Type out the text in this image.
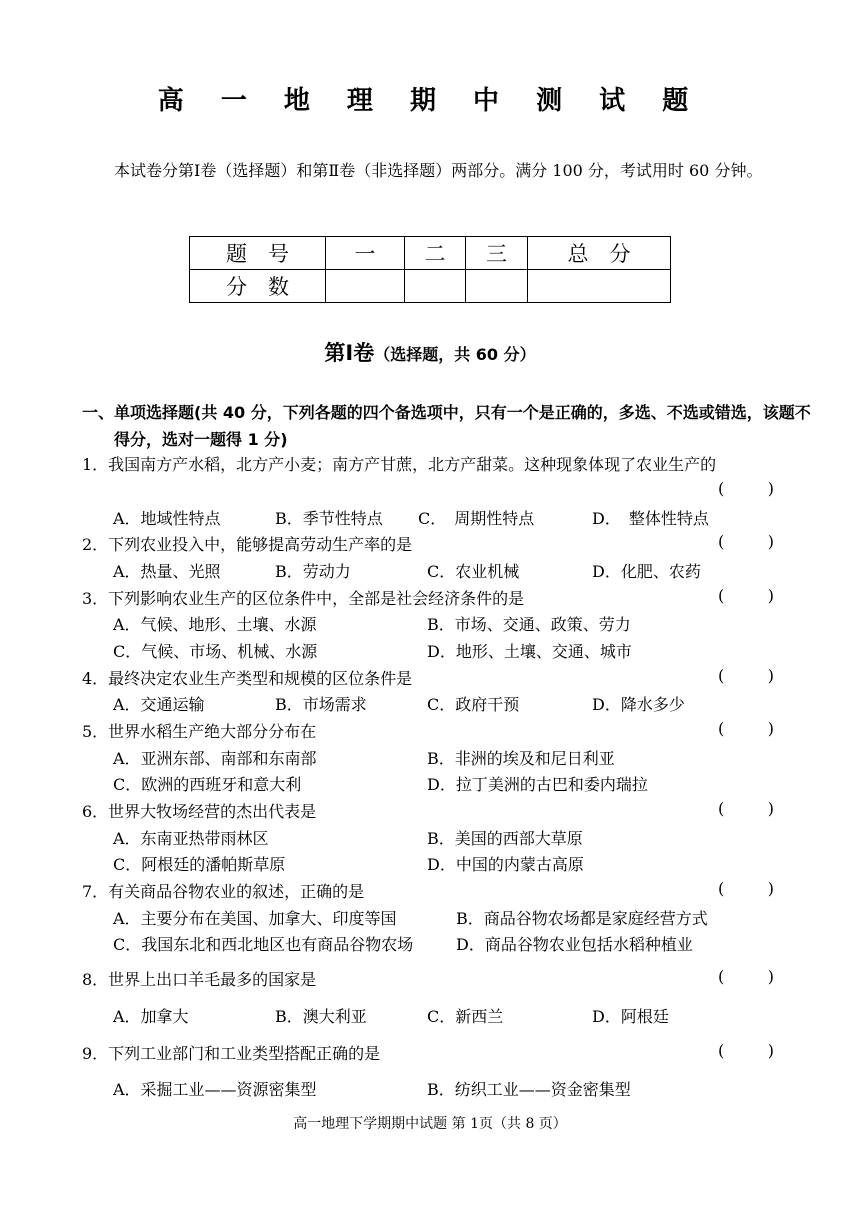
高 一 地 理 期 中 测 试 题
本试卷分第Ⅰ卷（选择题）和第Ⅱ卷（非选择题）两部分。满分 100 分，考试用时 60 分钟。
题　号	一	二	三	总　分
分　数				
第Ⅰ卷（选择题，共 60 分）
一、单项选择题(共 40 分，下列各题的四个备选项中，只有一个是正确的，多选、不选或错选，该题不得分，选对一题得 1 分)
1．我国南方产水稻，北方产小麦；南方产甘蔗，北方产甜菜。这种现象体现了农业生产的
(	)
A．地域性特点	B．季节性特点 C．　周期性特点	D．　整体性特点
2．下列农业投入中，能够提高劳动生产率的是	(	)
A．热量、光照	B．劳动力	C．农业机械	D．化肥、农药
3．下列影响农业生产的区位条件中，全部是社会经济条件的是	(	)
A．气候、地形、土壤、水源	B．市场、交通、政策、劳力
C．气候、市场、机械、水源	D．地形、土壤、交通、城市
4．最终决定农业生产类型和规模的区位条件是	(	)
A．交通运输	B．市场需求	C．政府干预	D．降水多少
5．世界水稻生产绝大部分分布在	(	)
A．亚洲东部、南部和东南部	B．非洲的埃及和尼日利亚
C．欧洲的西班牙和意大利	D．拉丁美洲的古巴和委内瑞拉
6．世界大牧场经营的杰出代表是	(	)
A．东南亚热带雨林区	B．美国的西部大草原
C．阿根廷的潘帕斯草原	D．中国的内蒙古高原
7．有关商品谷物农业的叙述，正确的是	(	)
A．主要分布在美国、加拿大、印度等国	B．商品谷物农场都是家庭经营方式
C．我国东北和西北地区也有商品谷物农场	D．商品谷物农业包括水稻种植业
8．世界上出口羊毛最多的国家是	(	)
A．加拿大	B．澳大利亚	C．新西兰	D．阿根廷
9．下列工业部门和工业类型搭配正确的是	(	)
A．采掘工业——资源密集型	B．纺织工业——资金密集型
高一地理下学期期中试题 第 1页（共 8 页）
